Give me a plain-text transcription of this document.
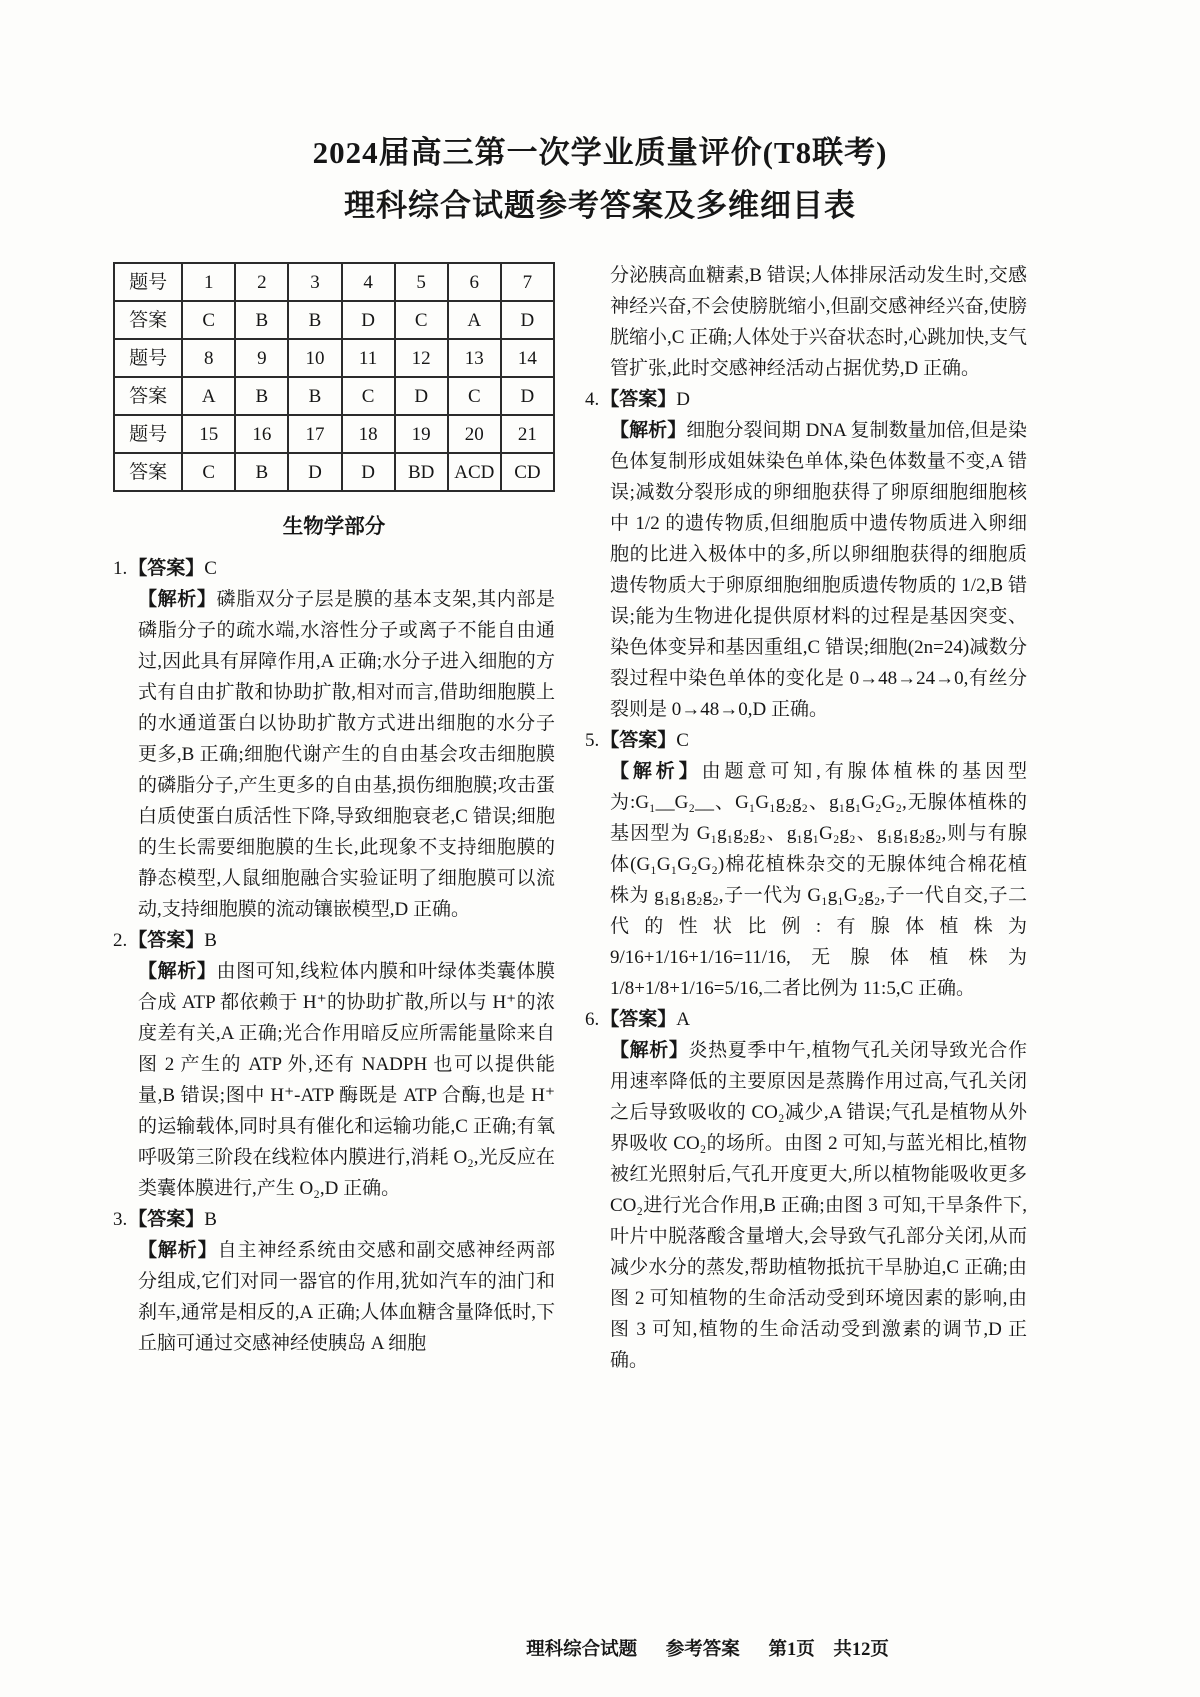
2024届高三第一次学业质量评价(T8联考)
理科综合试题参考答案及多维细目表
题号	1	2	3	4	5	6	7
答案	C	B	B	D	C	A	D
题号	8	9	10	11	12	13	14
答案	A	B	B	C	D	C	D
题号	15	16	17	18	19	20	21
答案	C	B	D	D	BD	ACD	CD
生物学部分
1.【答案】C

【解析】磷脂双分子层是膜的基本支架,其内部是磷脂分子的疏水端,水溶性分子或离子不能自由通过,因此具有屏障作用,A 正确;水分子进入细胞的方式有自由扩散和协助扩散,相对而言,借助细胞膜上的水通道蛋白以协助扩散方式进出细胞的水分子更多,B 正确;细胞代谢产生的自由基会攻击细胞膜的磷脂分子,产生更多的自由基,损伤细胞膜;攻击蛋白质使蛋白质活性下降,导致细胞衰老,C 错误;细胞的生长需要细胞膜的生长,此现象不支持细胞膜的静态模型,人鼠细胞融合实验证明了细胞膜可以流动,支持细胞膜的流动镶嵌模型,D 正确。

2.【答案】B

【解析】由图可知,线粒体内膜和叶绿体类囊体膜合成 ATP 都依赖于 H⁺的协助扩散,所以与 H⁺的浓度差有关,A 正确;光合作用暗反应所需能量除来自图 2 产生的 ATP 外,还有 NADPH 也可以提供能量,B 错误;图中 H⁺-ATP 酶既是 ATP 合酶,也是 H⁺的运输载体,同时具有催化和运输功能,C 正确;有氧呼吸第三阶段在线粒体内膜进行,消耗 O₂,光反应在类囊体膜进行,产生 O₂,D 正确。

3.【答案】B

【解析】自主神经系统由交感和副交感神经两部分组成,它们对同一器官的作用,犹如汽车的油门和刹车,通常是相反的,A 正确;人体血糖含量降低时,下丘脑可通过交感神经使胰岛 A 细胞

分泌胰高血糖素,B 错误;人体排尿活动发生时,交感神经兴奋,不会使膀胱缩小,但副交感神经兴奋,使膀胱缩小,C 正确;人体处于兴奋状态时,心跳加快,支气管扩张,此时交感神经活动占据优势,D 正确。

4.【答案】D

【解析】细胞分裂间期 DNA 复制数量加倍,但是染色体复制形成姐妹染色单体,染色体数量不变,A 错误;减数分裂形成的卵细胞获得了卵原细胞细胞核中 1/2 的遗传物质,但细胞质中遗传物质进入卵细胞的比进入极体中的多,所以卵细胞获得的细胞质遗传物质大于卵原细胞细胞质遗传物质的 1/2,B 错误;能为生物进化提供原材料的过程是基因突变、染色体变异和基因重组,C 错误;细胞(2n=24)减数分裂过程中染色单体的变化是 0→48→24→0,有丝分裂则是 0→48→0,D 正确。

5.【答案】C

【解析】由题意可知,有腺体植株的基因型为:G₁__G₂__、G₁G₁g₂g₂、g₁g₁G₂G₂,无腺体植株的基因型为 G₁g₁g₂g₂、g₁g₁G₂g₂、g₁g₁g₂g₂,则与有腺体(G₁G₁G₂G₂)棉花植株杂交的无腺体纯合棉花植株为 g₁g₁g₂g₂,子一代为 G₁g₁G₂g₂,子一代自交,子二代的性状比例:有腺体植株为 9/16+1/16+1/16=11/16,无腺体植株为 1/8+1/8+1/16=5/16,二者比例为 11:5,C 正确。

6.【答案】A

【解析】炎热夏季中午,植物气孔关闭导致光合作用速率降低的主要原因是蒸腾作用过高,气孔关闭之后导致吸收的 CO₂减少,A 错误;气孔是植物从外界吸收 CO₂的场所。由图 2 可知,与蓝光相比,植物被红光照射后,气孔开度更大,所以植物能吸收更多 CO₂进行光合作用,B 正确;由图 3 可知,干旱条件下,叶片中脱落酸含量增大,会导致气孔部分关闭,从而减少水分的蒸发,帮助植物抵抗干旱胁迫,C 正确;由图 2 可知植物的生命活动受到环境因素的影响,由图 3 可知,植物的生命活动受到激素的调节,D 正确。

理科综合试题 参考答案 第1页 共12页
